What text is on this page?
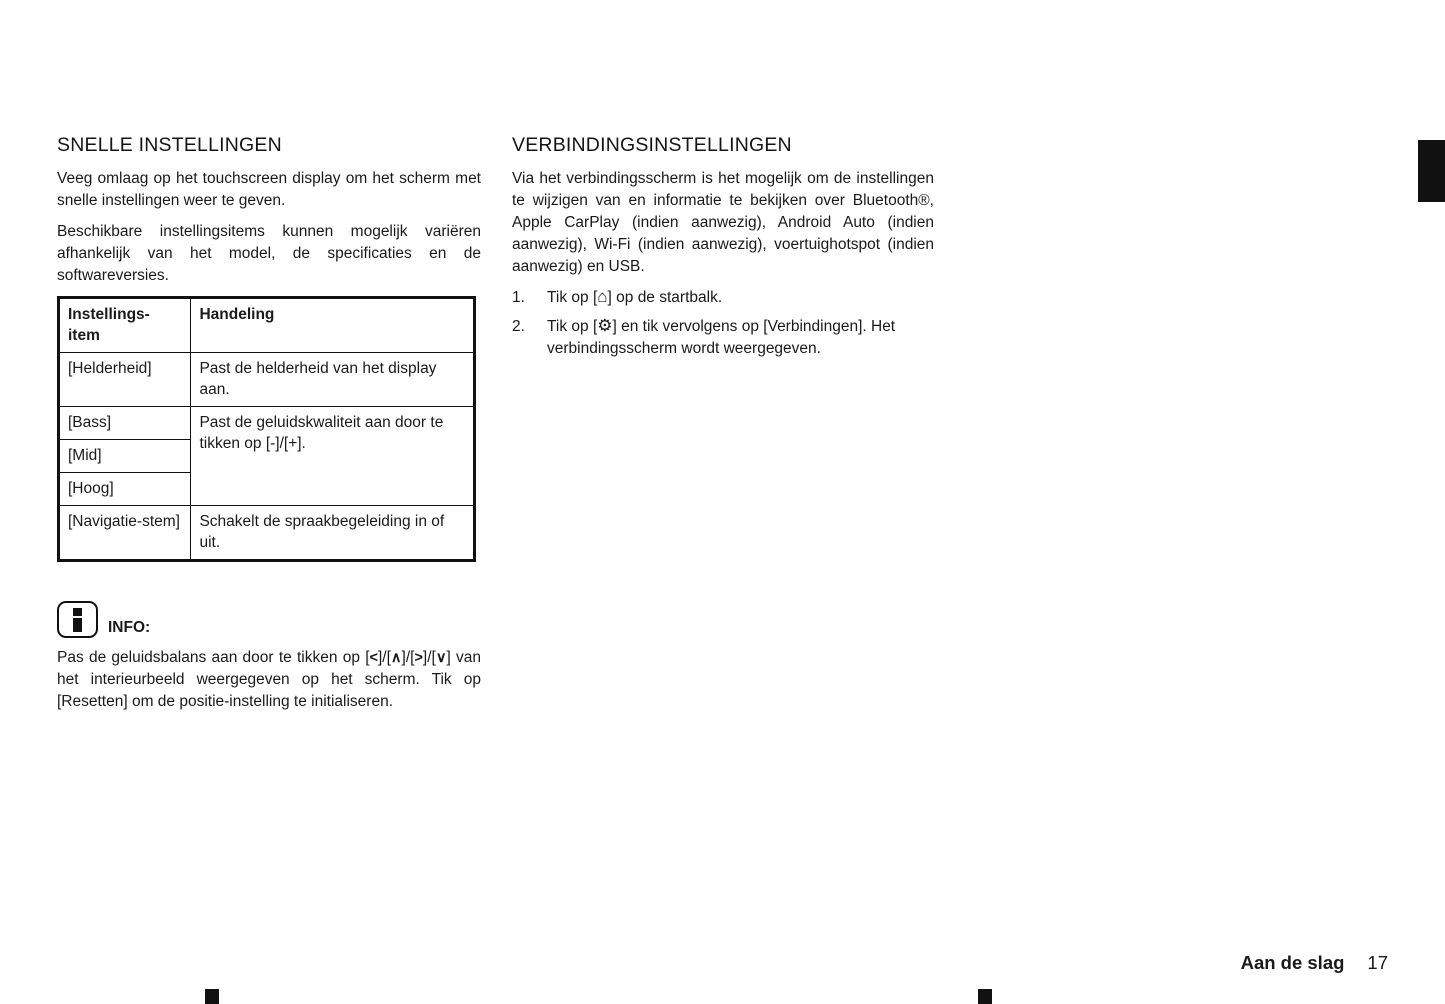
SNELLE INSTELLINGEN

Veeg omlaag op het touchscreen display om het scherm met snelle instellingen weer te geven.

Beschikbare instellingsitems kunnen mogelijk variëren afhankelijk van het model, de specificaties en de softwareversies.

Instellings-item	Handeling
[Helderheid]	Past de helderheid van het display aan.
[Bass]	Past de geluidskwaliteit aan door te tikken op [-]/[+].
[Mid]	
[Hoog]	
[Navigatie-stem]	Schakelt de spraakbegeleiding in of uit.
INFO:

Pas de geluidsbalans aan door te tikken op [<]/[∧]/[>]/[∨] van het interieurbeeld weergegeven op het scherm. Tik op [Resetten] om de positie-instelling te initialiseren.

VERBINDINGSINSTELLINGEN

Via het verbindingsscherm is het mogelijk om de instellingen te wijzigen van en informatie te bekijken over Bluetooth®, Apple CarPlay (indien aanwezig), Android Auto (indien aanwezig), Wi-Fi (indien aanwezig), voertuighotspot (indien aanwezig) en USB.

1.	Tik op [⌂] op de startbalk.
2.	Tik op [⚙] en tik vervolgens op [Verbindingen]. Het verbindingsscherm wordt weergegeven.
Aan de slag 17
